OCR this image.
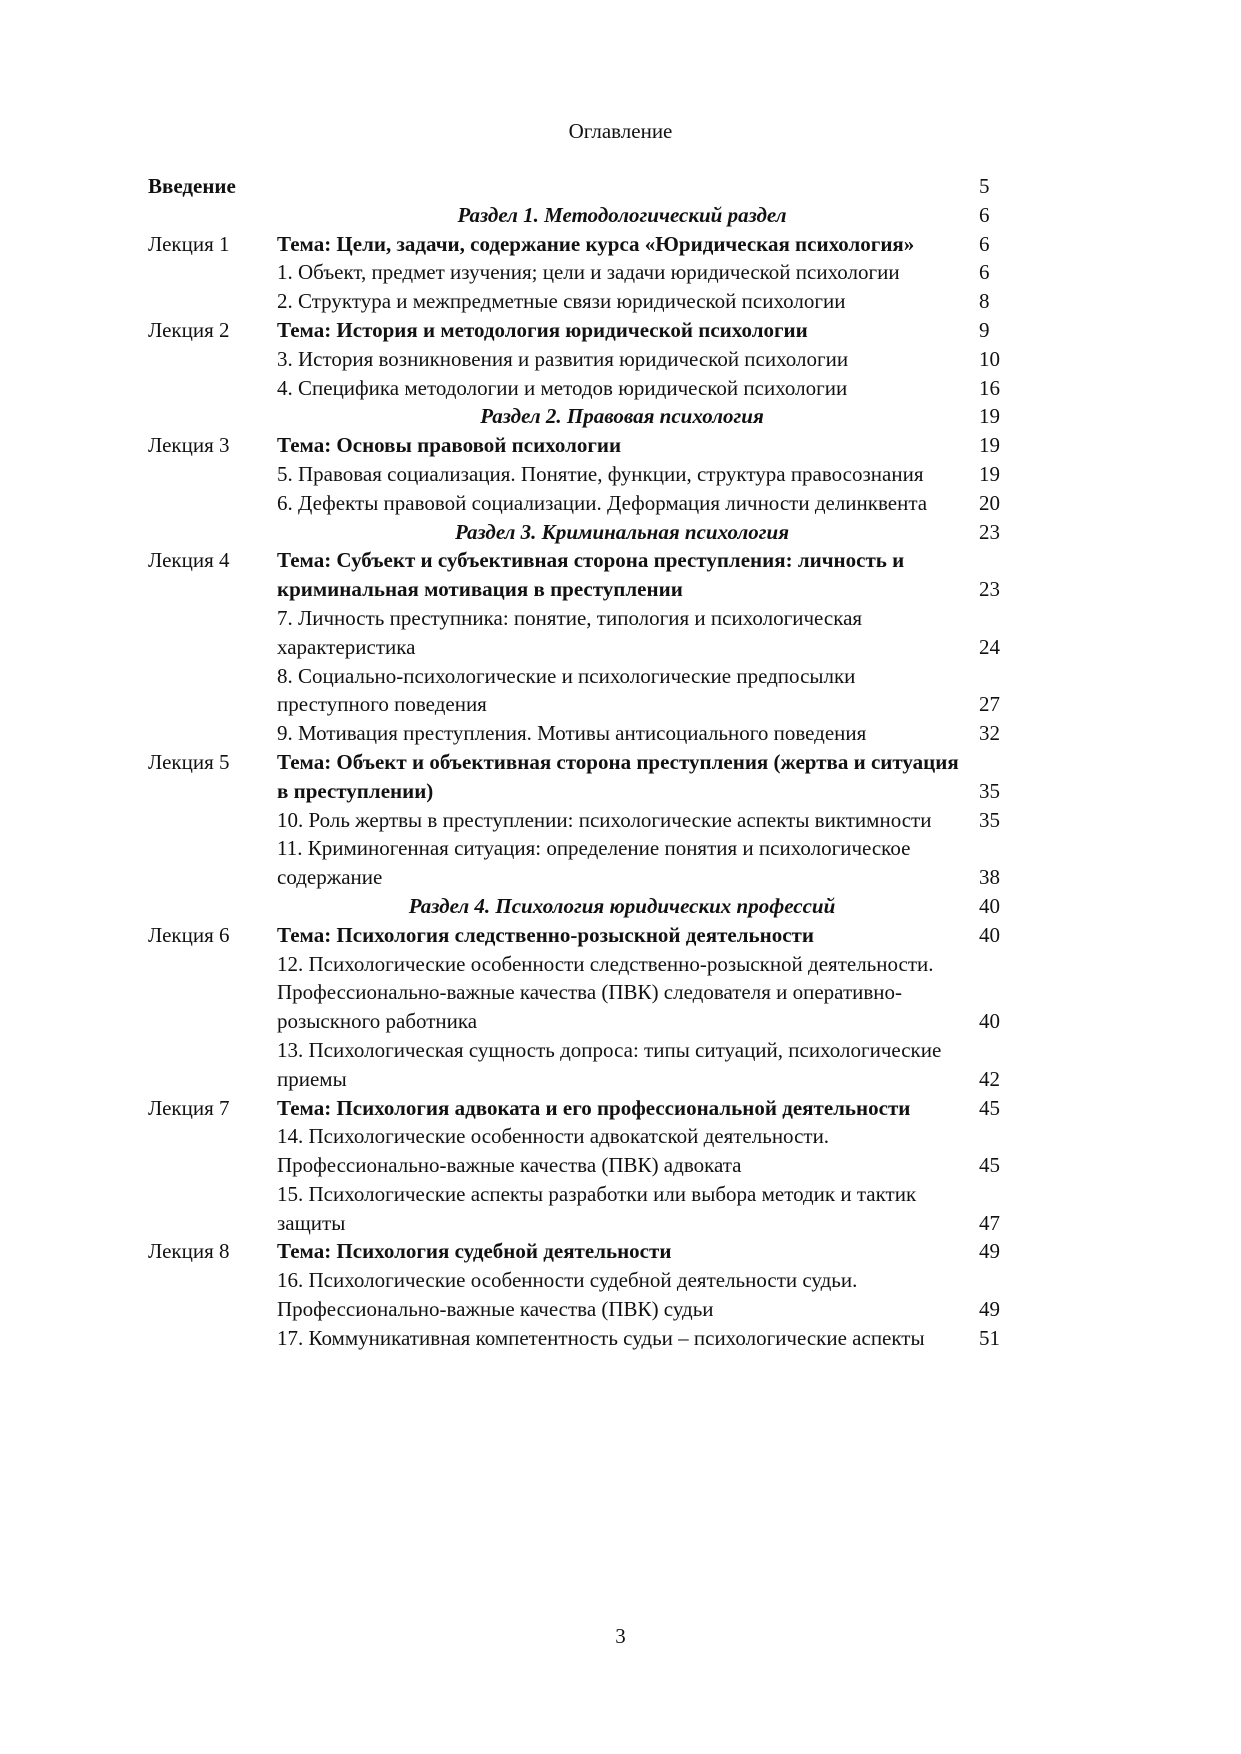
Оглавление
Введение	5
Раздел 1. Методологический раздел	6
Лекция 1	Тема: Цели, задачи, содержание курса «Юридическая психология»	6
1. Объект, предмет изучения; цели и задачи юридической психологии	6
2. Структура и межпредметные связи юридической психологии	8
Лекция 2	Тема: История и методология юридической психологии	9
3. История возникновения и развития юридической психологии	10
4. Специфика методологии и методов юридической психологии	16
Раздел 2. Правовая психология	19
Лекция 3	Тема: Основы правовой психологии	19
5. Правовая социализация. Понятие, функции, структура правосознания	19
6. Дефекты правовой социализации. Деформация личности делинквента	20
Раздел 3. Криминальная психология	23
Лекция 4	Тема: Субъект и субъективная сторона преступления: личность и криминальная мотивация в преступлении	23
7. Личность преступника: понятие, типология и психологическая характеристика	24
8. Социально-психологические и психологические предпосылки преступного поведения	27
9. Мотивация преступления. Мотивы антисоциального поведения	32
Лекция 5	Тема: Объект и объективная сторона преступления (жертва и ситуация в преступлении)	35
10. Роль жертвы в преступлении: психологические аспекты виктимности	35
11. Криминогенная ситуация: определение понятия и психологическое содержание	38
Раздел 4. Психология юридических профессий	40
Лекция 6	Тема: Психология следственно-розыскной деятельности	40
12. Психологические особенности следственно-розыскной деятельности. Профессионально-важные качества (ПВК) следователя и оперативно-розыскного работника	40
13. Психологическая сущность допроса: типы ситуаций, психологические приемы	42
Лекция 7	Тема: Психология адвоката и его профессиональной деятельности	45
14. Психологические особенности адвокатской деятельности. Профессионально-важные качества (ПВК) адвоката	45
15. Психологические аспекты разработки или выбора методик и тактик защиты	47
Лекция 8	Тема: Психология судебной деятельности	49
16. Психологические особенности судебной деятельности судьи. Профессионально-важные качества (ПВК) судьи	49
17. Коммуникативная компетентность судьи – психологические аспекты	51
3
